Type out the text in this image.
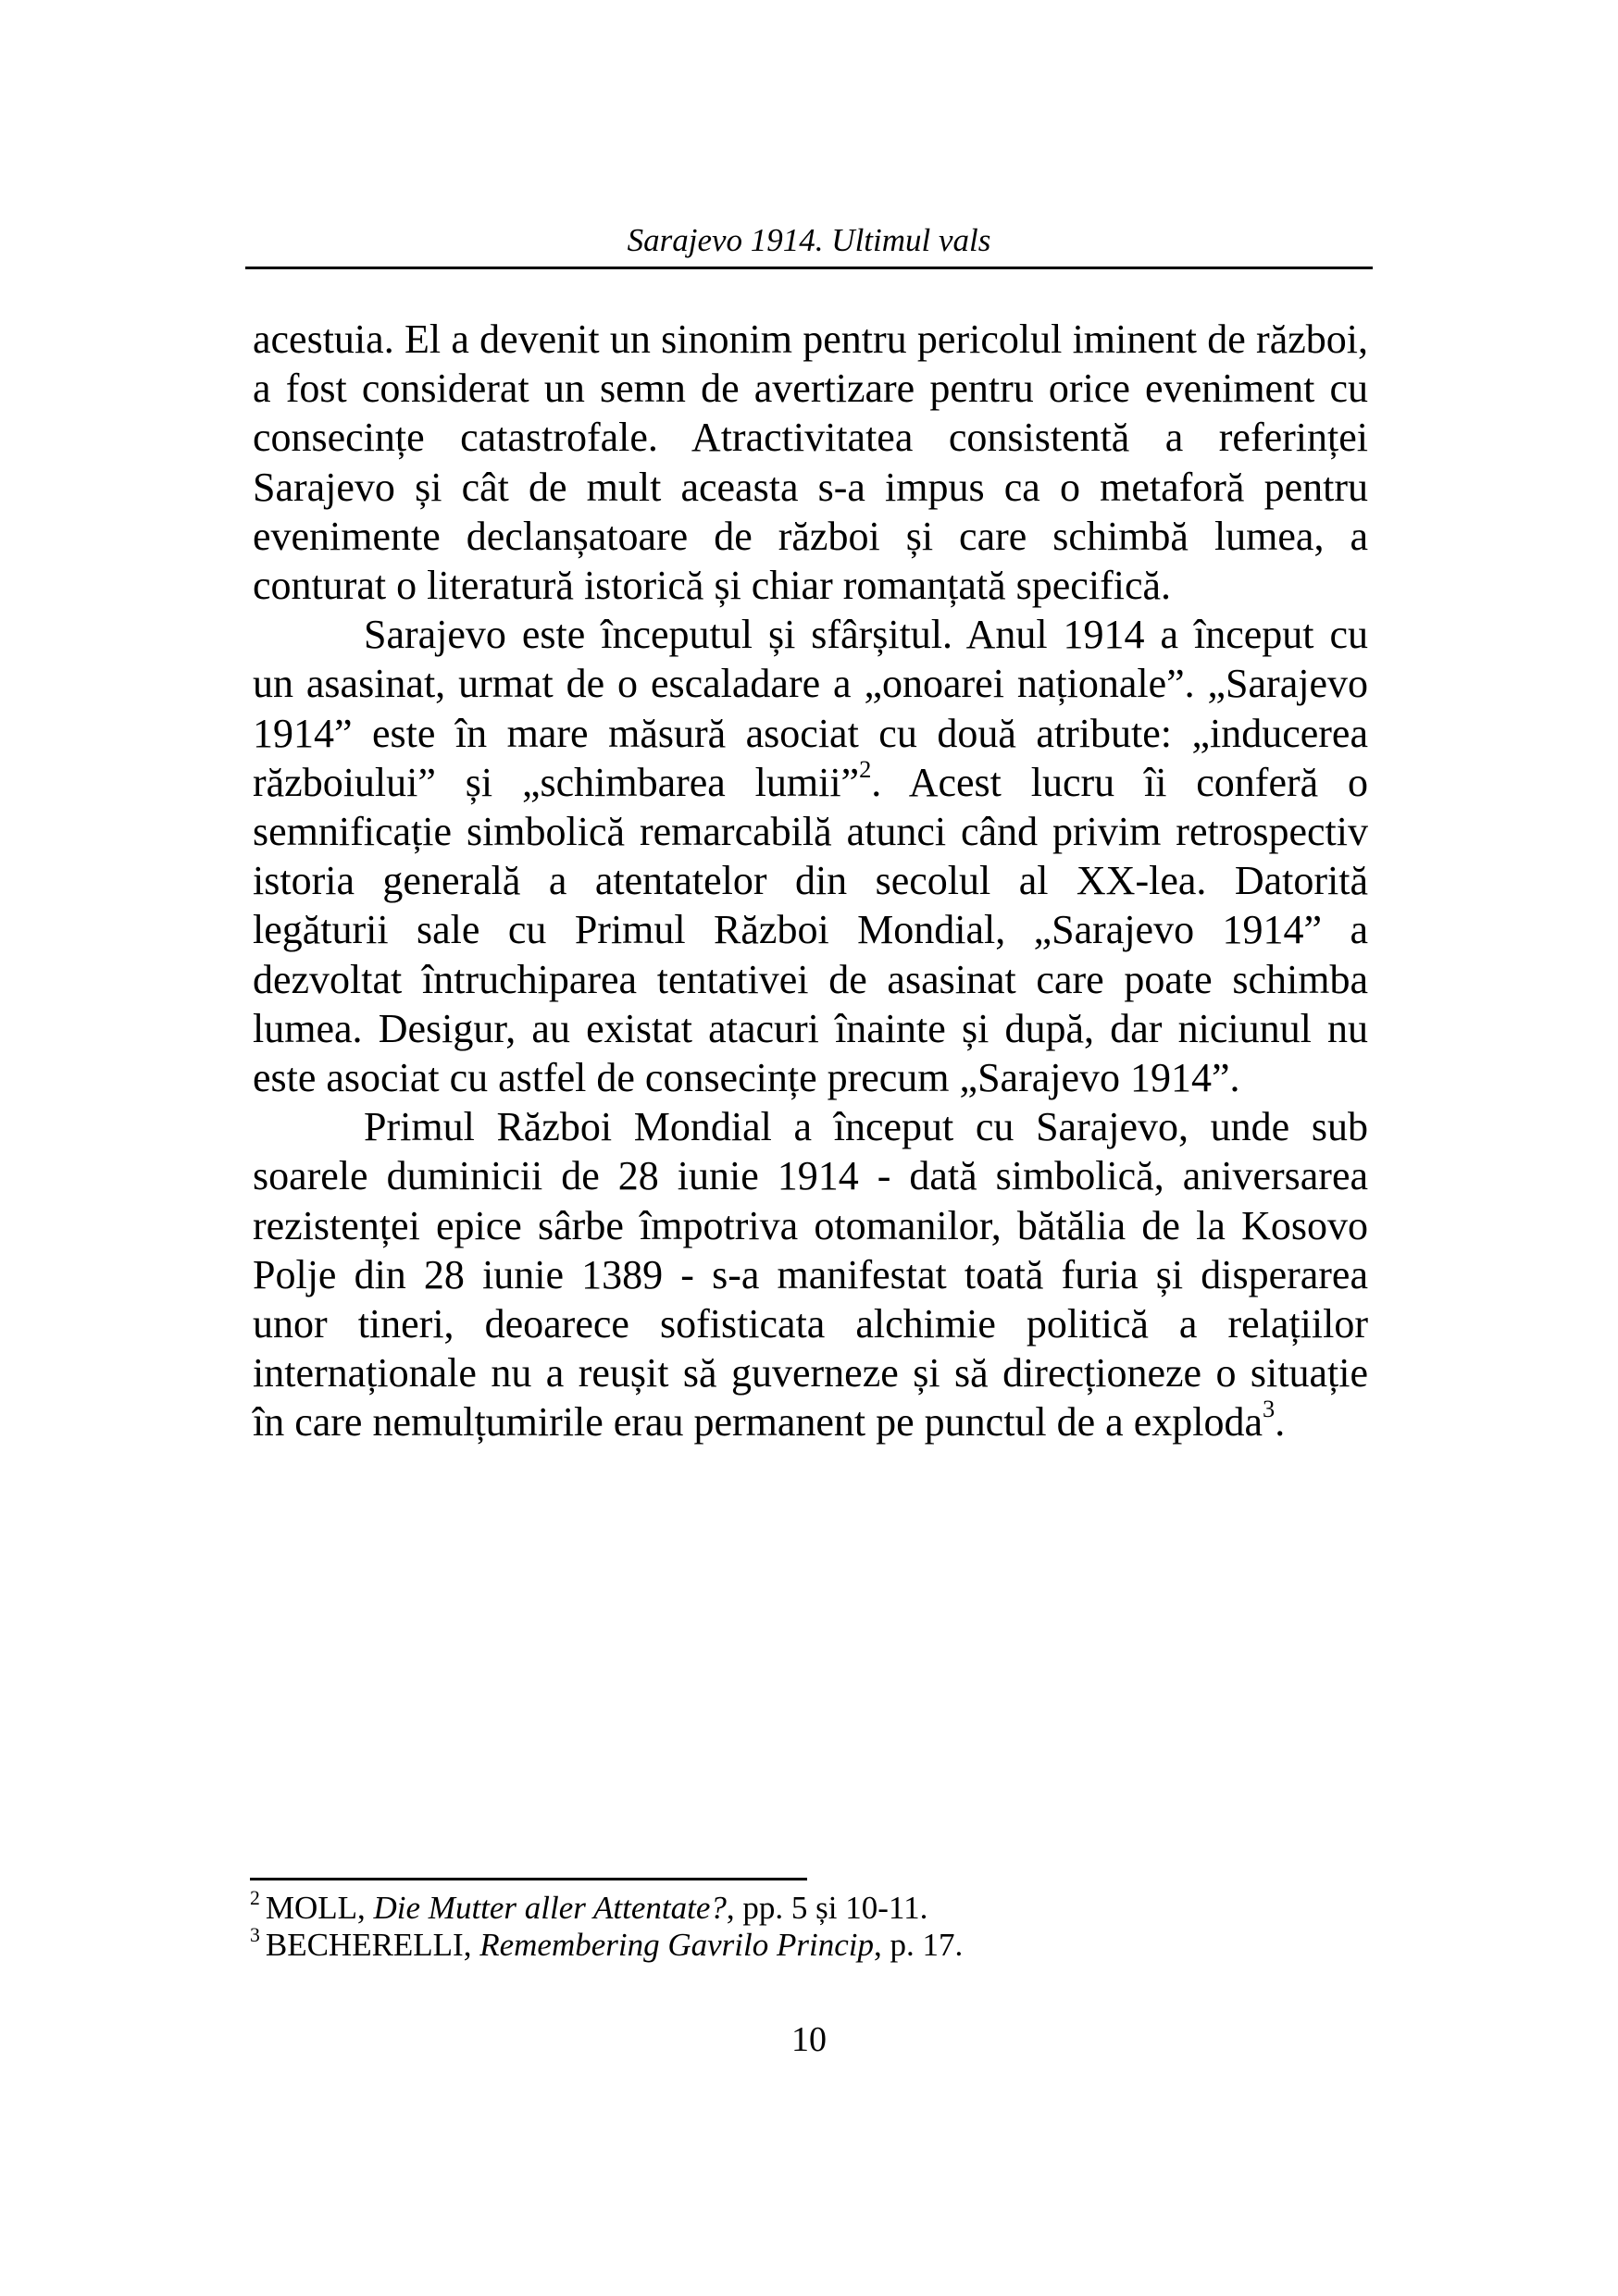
Sarajevo 1914. Ultimul vals

acestuia. El a devenit un sinonim pentru pericolul iminent de război, a fost considerat un semn de avertizare pentru orice eveniment cu consecințe catastrofale. Atractivitatea consistentă a referinței Sarajevo și cât de mult aceasta s-a impus ca o metaforă pentru evenimente declanșatoare de război și care schimbă lumea, a conturat o literatură istorică și chiar romanțată specifică.

Sarajevo este începutul și sfârșitul. Anul 1914 a început cu un asasinat, urmat de o escaladare a „onoarei naționale”. „Sarajevo 1914” este în mare măsură asociat cu două atribute: „inducerea războiului” și „schimbarea lumii”$^2$. Acest lucru îi conferă o semnificație simbolică remarcabilă atunci când privim retrospectiv istoria generală a atentatelor din secolul al XX-lea. Datorită legăturii sale cu Primul Război Mondial, „Sarajevo 1914” a dezvoltat întruchiparea tentativei de asasinat care poate schimba lumea. Desigur, au existat atacuri înainte și după, dar niciunul nu este asociat cu astfel de consecințe precum „Sarajevo 1914”.

Primul Război Mondial a început cu Sarajevo, unde sub soarele duminicii de 28 iunie 1914 - dată simbolică, aniversarea rezistenței epice sârbe împotriva otomanilor, bătălia de la Kosovo Polje din 28 iunie 1389 - s-a manifestat toată furia și disperarea unor tineri, deoarece sofisticata alchimie politică a relațiilor internaționale nu a reușit să guverneze și să direcționeze o situație în care nemulțumirile erau permanent pe punctul de a exploda$^3$.

$^2$ MOLL, Die Mutter aller Attentate?, pp. 5 și 10-11.

$^3$ BECHERELLI, Remembering Gavrilo Princip, p. 17.

10
